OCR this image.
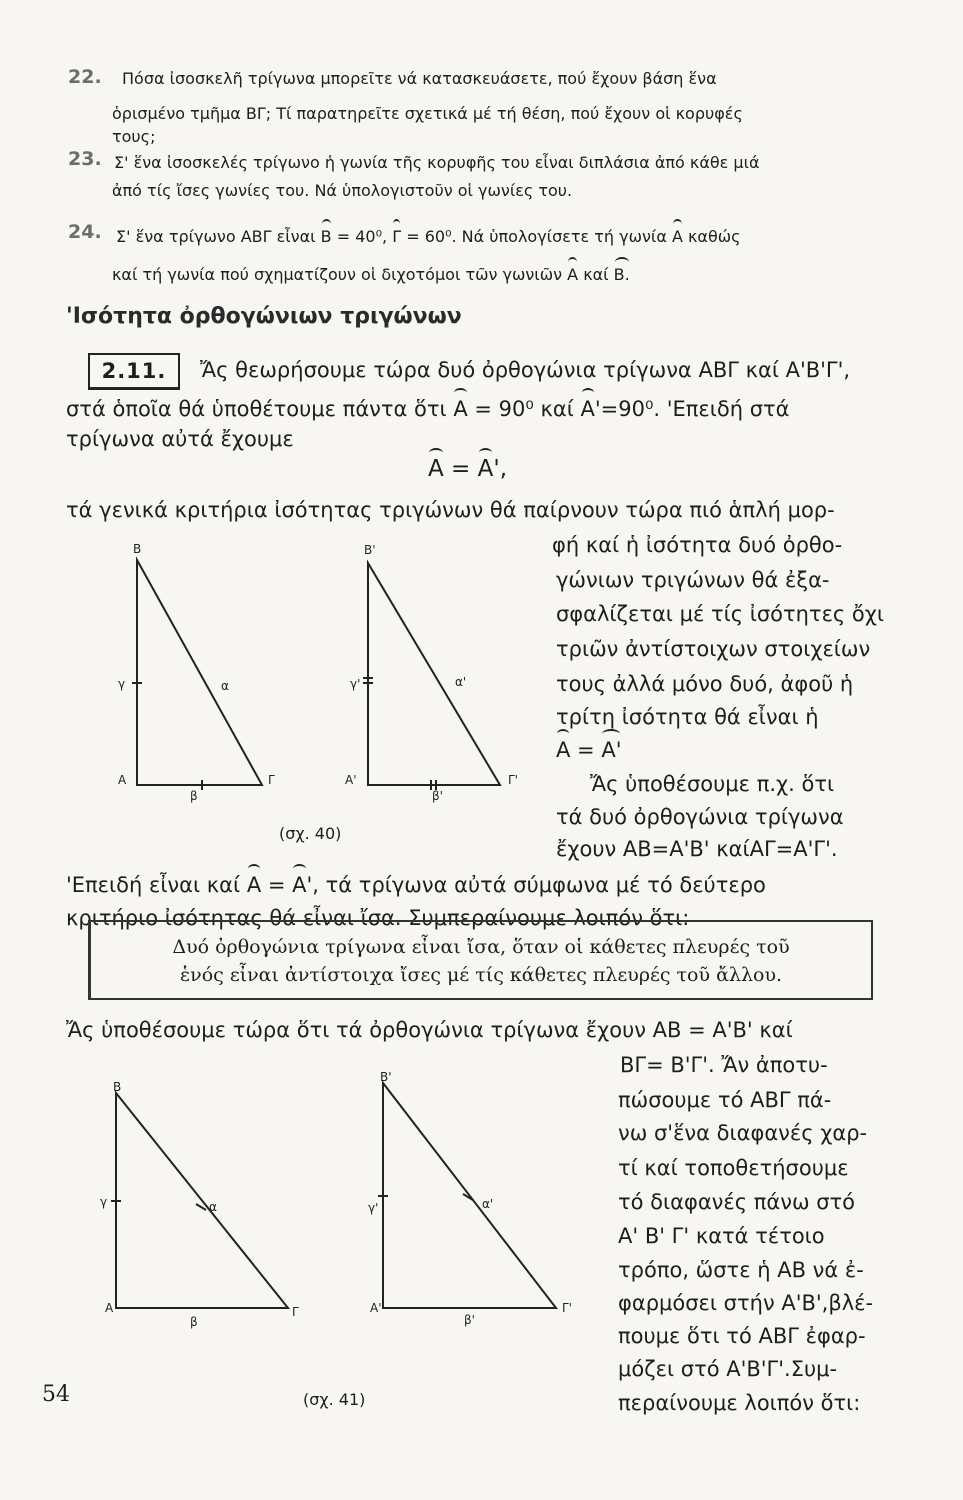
22. Πόσα ἰσοσκελῆ τρίγωνα μπορεῖτε νά κατασκευάσετε, πού ἔχουν βάση ἕνα
ὁρισμένο τμῆμα ΒΓ; Τί παρατηρεῖτε σχετικά μέ τή θέση, πού ἔχουν οἱ κορυφές
τους;
23. Σ' ἕνα ἰσοσκελές τρίγωνο ἡ γωνία τῆς κορυφῆς του εἶναι διπλάσια ἀπό κάθε μιά
ἀπό τίς ἴσες γωνίες του. Νά ὑπολογιστοῦν οἱ γωνίες του.
24. Σ' ἕνα τρίγωνο ΑΒΓ εἶναι Β = 40⁰, Γ = 60⁰. Νά ὑπολογίσετε τή γωνία Α καθώς
καί τή γωνία πού σχηματίζουν οἱ διχοτόμοι τῶν γωνιῶν Α καί Β.
'Ισότητα ὀρθογώνιων τριγώνων
2.11.	Ἄς θεωρήσουμε τώρα δυό ὀρθογώνια τρίγωνα ΑΒΓ καί Α'Β'Γ',
στά ὁποῖα θά ὑποθέτουμε πάντα ὅτι Α = 90⁰ καί Α'=90⁰. 'Επειδή στά
τρίγωνα αὐτά ἔχουμε
Α = Α',
τά γενικά κριτήρια ἰσότητας τριγώνων θά παίρνουν τώρα πιό ἁπλή μορ-
φή καί ἡ ἰσότητα δυό ὀρθο-
γώνιων τριγώνων θά ἐξα-
σφαλίζεται μέ τίς ἰσότητες ὄχι
τριῶν ἀντίστοιχων στοιχείων
τους ἀλλά μόνο δυό, ἀφοῦ ἡ
τρίτη ἰσότητα θά εἶναι ἡ
Α = Α'
Ἄς ὑποθέσουμε π.χ. ὅτι
τά δυό ὀρθογώνια τρίγωνα
ἔχουν ΑΒ=Α'Β' καίΑΓ=Α'Γ'.
(σχ. 40)
'Επειδή εἶναι καί Α = Α', τά τρίγωνα αὐτά σύμφωνα μέ τό δεύτερο
κριτήριο ἰσότητας θά εἶναι ἴσα. Συμπεραίνουμε λοιπόν ὅτι:
Δυό ὀρθογώνια τρίγωνα εἶναι ἴσα, ὅταν οἱ κάθετες πλευρές τοῦ
ἑνός εἶναι ἀντίστοιχα ἴσες μέ τίς κάθετες πλευρές τοῦ ἄλλου.
Ἄς ὑποθέσουμε τώρα ὅτι τά ὀρθογώνια τρίγωνα ἔχουν ΑΒ = Α'Β' καί
ΒΓ= Β'Γ'. Ἄν ἀποτυ-
πώσουμε τό ΑΒΓ πά-
νω σ'ἕνα διαφανές χαρ-
τί καί τοποθετήσουμε
τό διαφανές πάνω στό
Α' Β' Γ' κατά τέτοιο
τρόπο, ὥστε ἡ ΑΒ νά ἐ-
φαρμόσει στήν Α'Β',βλέ-
πουμε ὅτι τό ΑΒΓ ἐφαρ-
μόζει στό Α'Β'Γ'.Συμ-
περαίνουμε λοιπόν ὅτι:
(σχ. 41)
B
A	Γ
γ	α
β
B'
A'	Γ'
γ'	α'
β'
B
A	Γ
γ	α
β
B'
A'	Γ'
γ'	α'
β'
54
